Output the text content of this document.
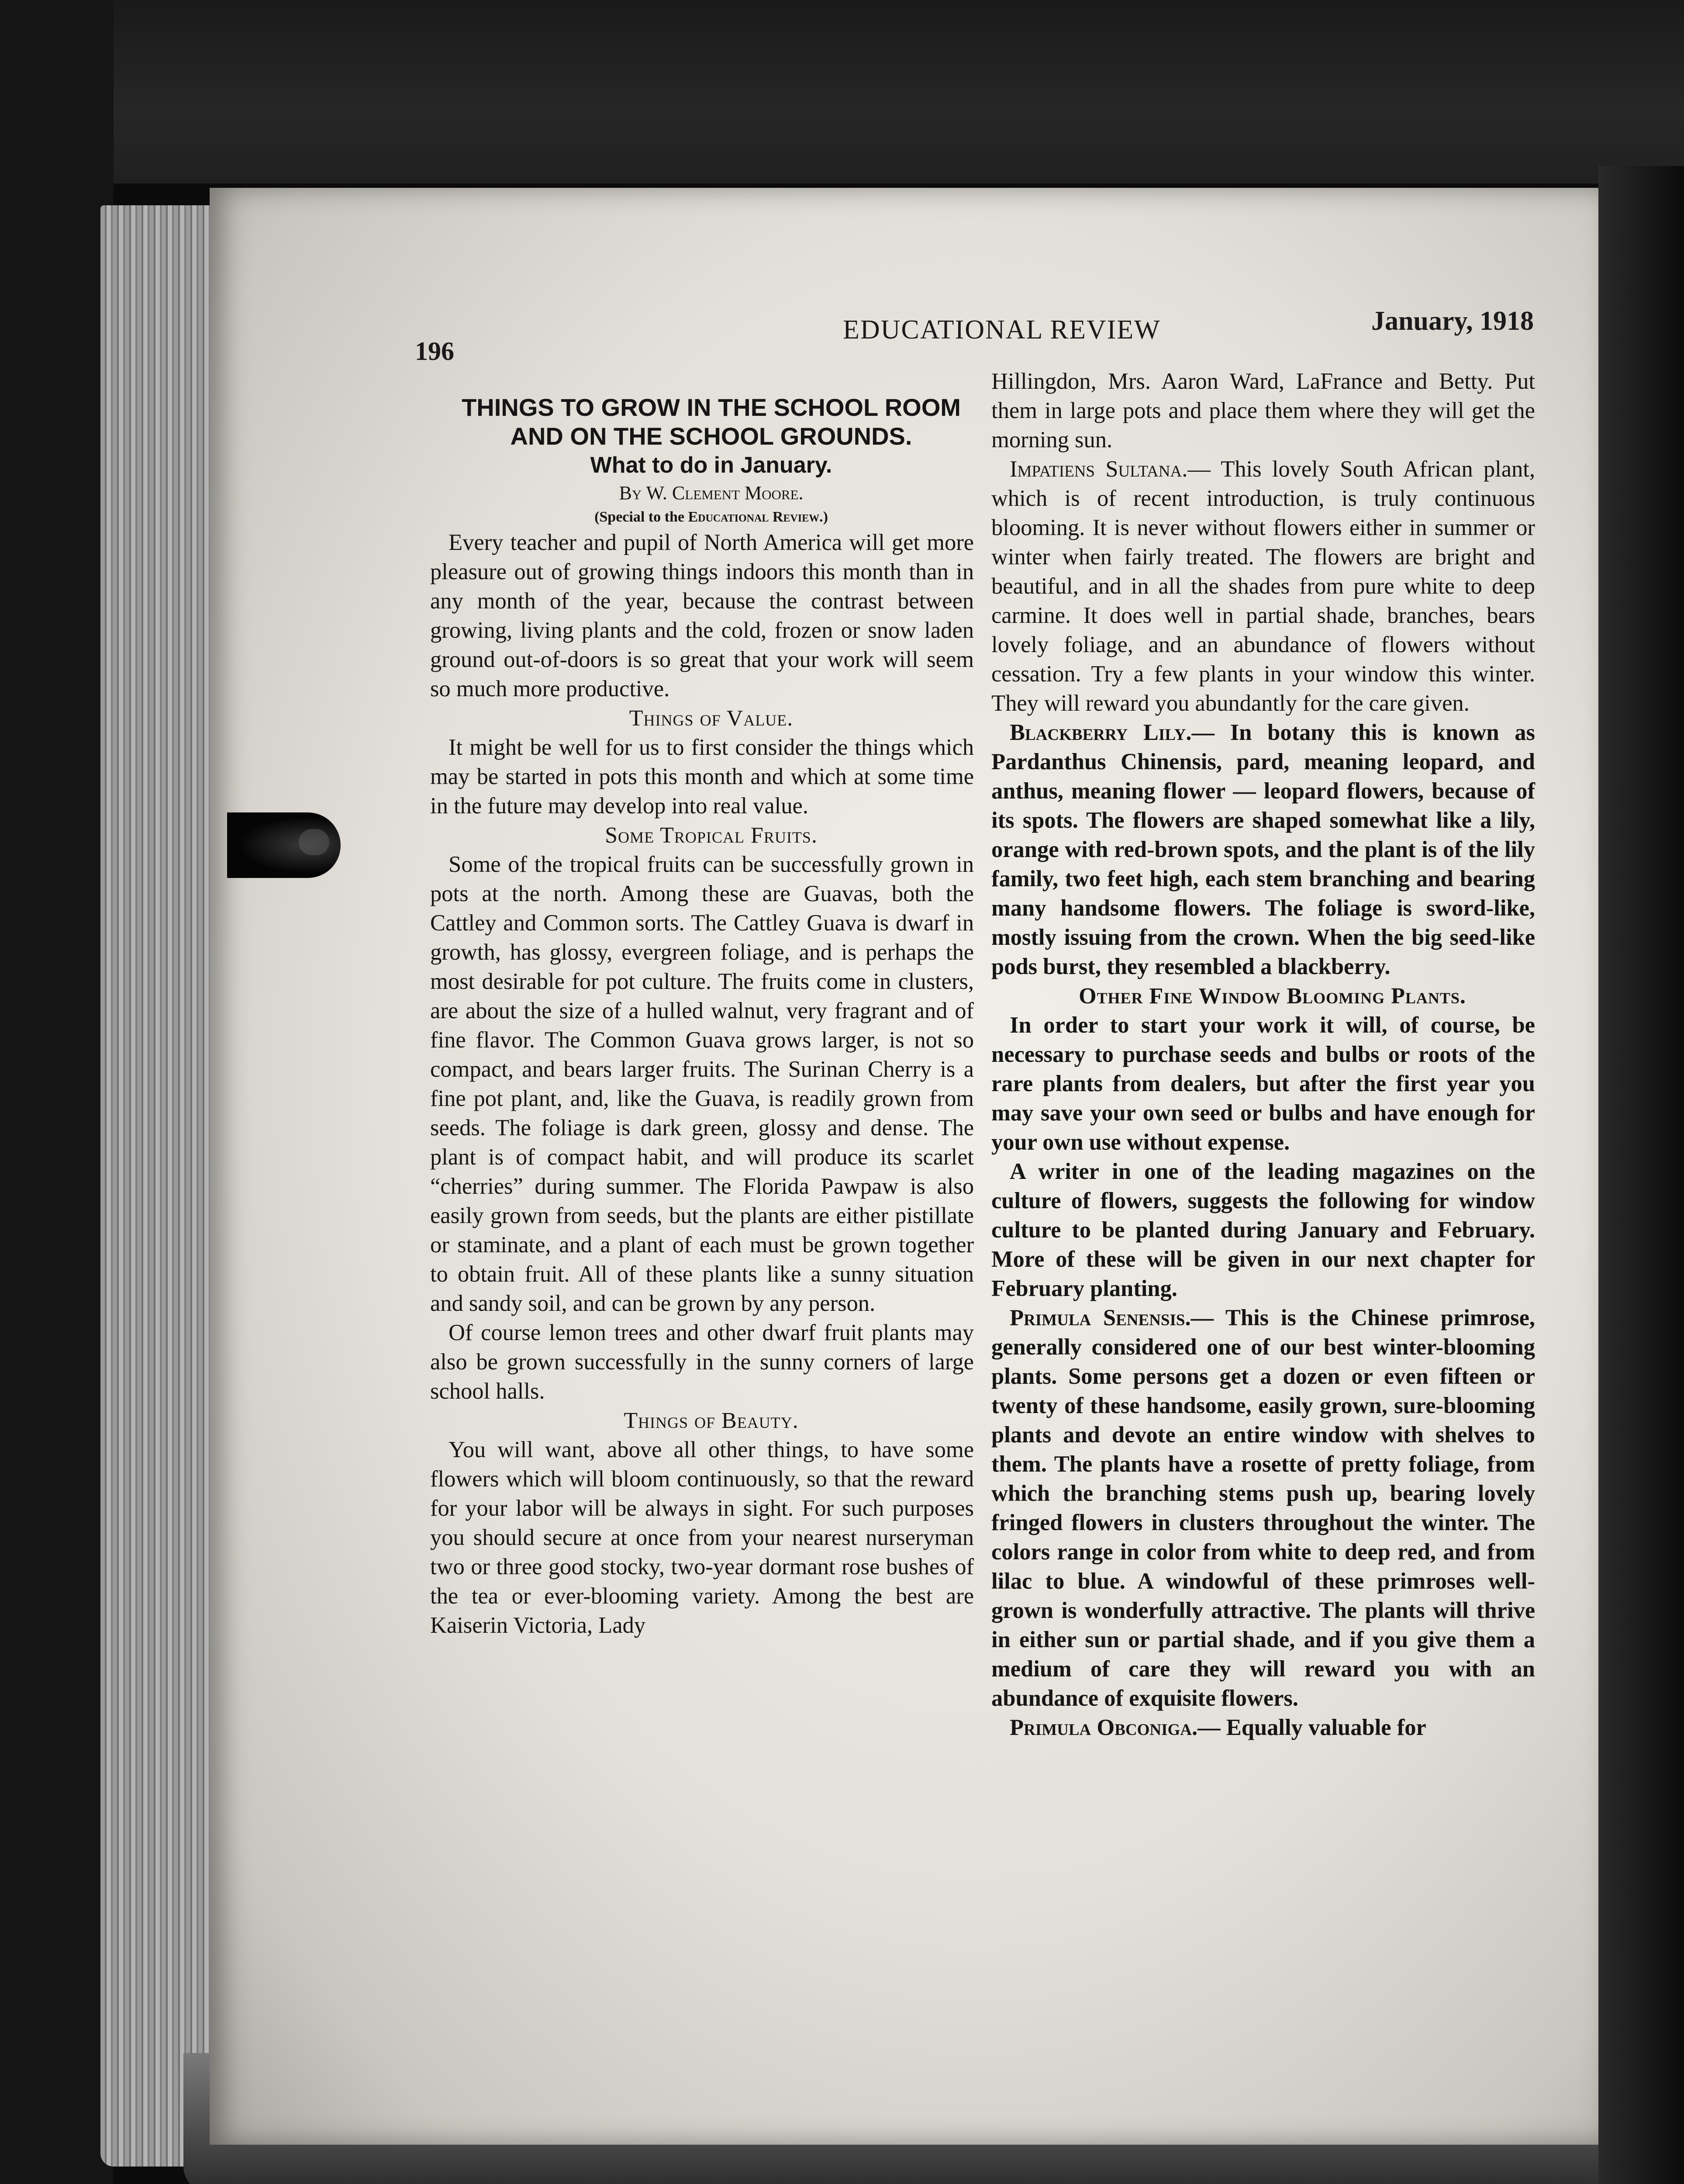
196
EDUCATIONAL REVIEW	January, 1918

THINGS TO GROW IN THE SCHOOL ROOM

AND ON THE SCHOOL GROUNDS.

What to do in January.

By W. Clement Moore.

(Special to the Educational Review.)

Every teacher and pupil of North America will get more pleasure out of growing things indoors this month than in any month of the year, because the contrast between growing, living plants and the cold, frozen or snow laden ground out-of-doors is so great that your work will seem so much more productive.

Things of Value.

It might be well for us to first consider the things which may be started in pots this month and which at some time in the future may develop into real value.

Some Tropical Fruits.

Some of the tropical fruits can be successfully grown in pots at the north. Among these are Guavas, both the Cattley and Common sorts. The Cattley Guava is dwarf in growth, has glossy, evergreen foliage, and is perhaps the most desirable for pot culture. The fruits come in clusters, are about the size of a hulled walnut, very fragrant and of fine flavor. The Common Guava grows larger, is not so compact, and bears larger fruits. The Surinan Cherry is a fine pot plant, and, like the Guava, is readily grown from seeds. The foliage is dark green, glossy and dense. The plant is of compact habit, and will produce its scarlet “cherries” during summer. The Florida Pawpaw is also easily grown from seeds, but the plants are either pistillate or staminate, and a plant of each must be grown together to obtain fruit. All of these plants like a sunny situation and sandy soil, and can be grown by any person.

Of course lemon trees and other dwarf fruit plants may also be grown successfully in the sunny corners of large school halls.

Things of Beauty.

You will want, above all other things, to have some flowers which will bloom continuously, so that the reward for your labor will be always in sight. For such purposes you should secure at once from your nearest nurseryman two or three good stocky, two-year dormant rose bushes of the tea or ever-blooming variety. Among the best are Kaiserin Victoria, Lady

Hillingdon, Mrs. Aaron Ward, LaFrance and Betty. Put them in large pots and place them where they will get the morning sun.

Impatiens Sultana.— This lovely South African plant, which is of recent introduction, is truly continuous blooming. It is never without flowers either in summer or winter when fairly treated. The flowers are bright and beautiful, and in all the shades from pure white to deep carmine. It does well in partial shade, branches, bears lovely foliage, and an abundance of flowers without cessation. Try a few plants in your window this winter. They will reward you abundantly for the care given.

Blackberry Lily.— In botany this is known as Pardanthus Chinensis, pard, meaning leopard, and anthus, meaning flower — leopard flowers, because of its spots. The flowers are shaped somewhat like a lily, orange with red-brown spots, and the plant is of the lily family, two feet high, each stem branching and bearing many handsome flowers. The foliage is sword-like, mostly issuing from the crown. When the big seed-like pods burst, they resembled a blackberry.

Other Fine Window Blooming Plants.

In order to start your work it will, of course, be necessary to purchase seeds and bulbs or roots of the rare plants from dealers, but after the first year you may save your own seed or bulbs and have enough for your own use without expense.

A writer in one of the leading magazines on the culture of flowers, suggests the following for window culture to be planted during January and February. More of these will be given in our next chapter for February planting.

Primula Senensis.— This is the Chinese primrose, generally considered one of our best winter-blooming plants. Some persons get a dozen or even fifteen or twenty of these handsome, easily grown, sure-blooming plants and devote an entire window with shelves to them. The plants have a rosette of pretty foliage, from which the branching stems push up, bearing lovely fringed flowers in clusters throughout the winter. The colors range in color from white to deep red, and from lilac to blue. A windowful of these primroses well-grown is wonderfully attractive. The plants will thrive in either sun or partial shade, and if you give them a medium of care they will reward you with an abundance of exquisite flowers.

Primula Obconiga.— Equally valuable for
